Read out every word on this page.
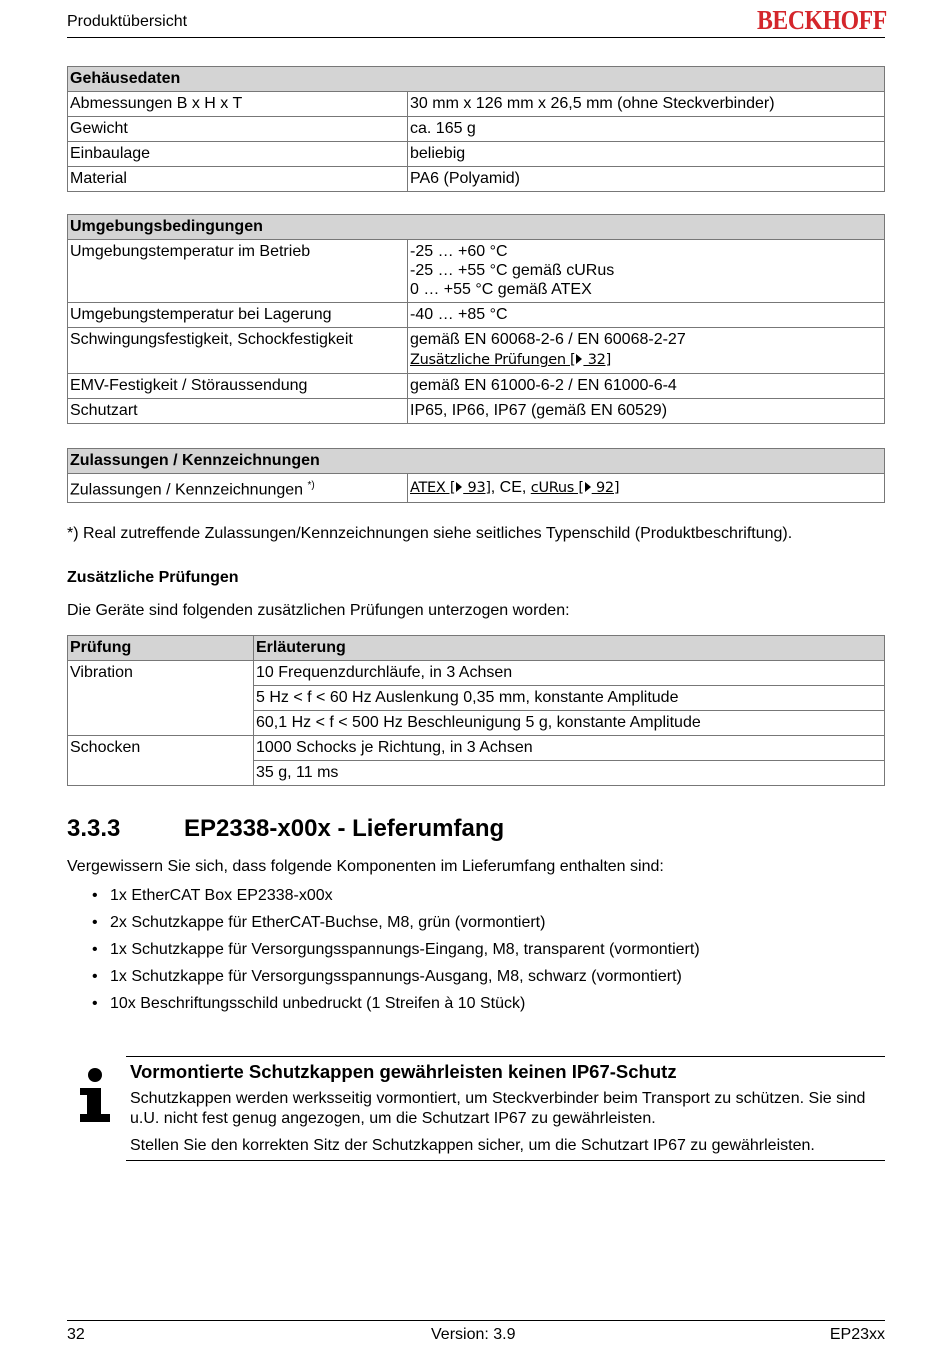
Produktübersicht	BECKHOFF
Gehäusedaten	
Abmessungen B x H x T	30 mm x 126 mm x 26,5 mm (ohne Steckverbinder)
Gewicht	ca. 165 g
Einbaulage	beliebig
Material	PA6 (Polyamid)
Umgebungsbedingungen	
Umgebungstemperatur im Betrieb	-25 … +60 °C
-25 … +55 °C gemäß cURus
0 … +55 °C gemäß ATEX

Umgebungstemperatur bei Lagerung	-40 … +85 °C
Schwingungsfestigkeit, Schockfestigkeit	gemäß EN 60068-2-6 / EN 60068-2-27
Zusätzliche Prüfungen [ 32]

EMV-Festigkeit / Störaussendung	gemäß EN 61000-6-2 / EN 61000-6-4
Schutzart	IP65, IP66, IP67 (gemäß EN 60529)
Zulassungen / Kennzeichnungen
Zulassungen / Kennzeichnungen *)	ATEX [ 93], CE, cURus [ 92]
*) Real zutreffende Zulassungen/Kennzeichnungen siehe seitliches Typenschild (Produktbeschriftung).
Zusätzliche Prüfungen
Die Geräte sind folgenden zusätzlichen Prüfungen unterzogen worden:
Prüfung	Erläuterung
Vibration	10 Frequenzdurchläufe, in 3 Achsen
	5 Hz < f < 60 Hz Auslenkung 0,35 mm, konstante Amplitude
	60,1 Hz < f < 500 Hz Beschleunigung 5 g, konstante Amplitude
Schocken	1000 Schocks je Richtung, in 3 Achsen
	35 g, 11 ms
3.3.3	EP2338-x00x - Lieferumfang
Vergewissern Sie sich, dass folgende Komponenten im Lieferumfang enthalten sind:
• 1x EtherCAT Box EP2338-x00x
• 2x Schutzkappe für EtherCAT-Buchse, M8, grün (vormontiert)
• 1x Schutzkappe für Versorgungsspannungs-Eingang, M8, transparent (vormontiert)
• 1x Schutzkappe für Versorgungsspannungs-Ausgang, M8, schwarz (vormontiert)
• 10x Beschriftungsschild unbedruckt (1 Streifen à 10 Stück)
Vormontierte Schutzkappen gewährleisten keinen IP67-Schutz
Schutzkappen werden werksseitig vormontiert, um Steckverbinder beim Transport zu schützen. Sie sind u.U. nicht fest genug angezogen, um die Schutzart IP67 zu gewährleisten.
Stellen Sie den korrekten Sitz der Schutzkappen sicher, um die Schutzart IP67 zu gewährleisten.
32	Version: 3.9	EP23xx
